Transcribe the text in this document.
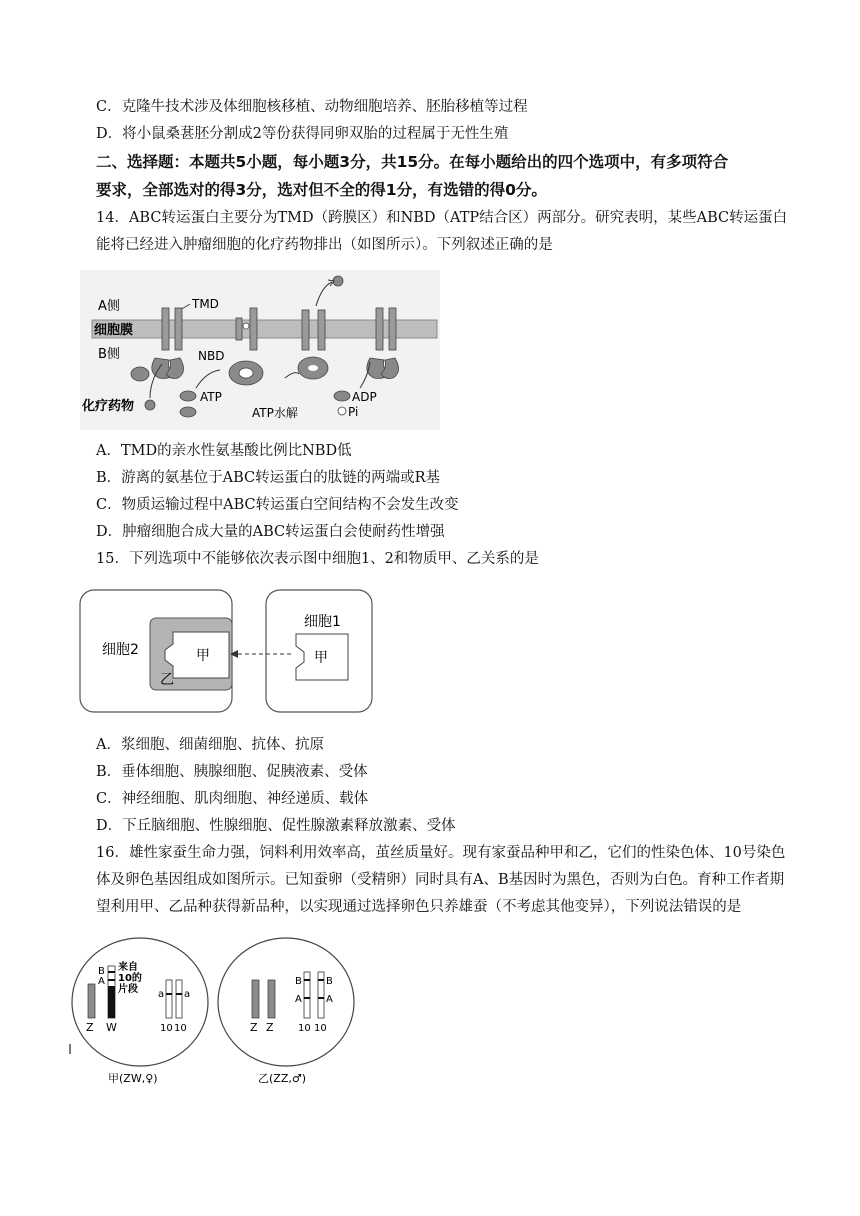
C．克隆牛技术涉及体细胞核移植、动物细胞培养、胚胎移植等过程
D．将小鼠桑葚胚分割成2等份获得同卵双胎的过程属于无性生殖
二、选择题：本题共5小题，每小题3分，共15分。在每小题给出的四个选项中，有多项符合
要求，全部选对的得3分，选对但不全的得1分，有选错的得0分。
14．ABC转运蛋白主要分为TMD（跨膜区）和NBD（ATP结合区）两部分。研究表明，某些ABC转运蛋白
能将已经进入肿瘤细胞的化疗药物排出（如图所示）。下列叙述正确的是
A侧
细胞膜
B侧
TMD
NBD
化疗药物
ATP
ATP水解
ADP
Pi
A．TMD的亲水性氨基酸比例比NBD低
B．游离的氨基位于ABC转运蛋白的肽链的两端或R基
C．物质运输过程中ABC转运蛋白空间结构不会发生改变
D．肿瘤细胞合成大量的ABC转运蛋白会使耐药性增强
15．下列选项中不能够依次表示图中细胞1、2和物质甲、乙关系的是
细胞2	甲
乙
细胞1
甲
A．浆细胞、细菌细胞、抗体、抗原
B．垂体细胞、胰腺细胞、促胰液素、受体
C．神经细胞、肌肉细胞、神经递质、载体
D．下丘脑细胞、性腺细胞、促性腺激素释放激素、受体
16．雄性家蚕生命力强，饲料利用效率高，茧丝质量好。现有家蚕品种甲和乙，它们的性染色体、10号染色
体及卵色基因组成如图所示。已知蚕卵（受精卵）同时具有A、B基因时为黑色，否则为白色。育种工作者期
望利用甲、乙品种获得新品种，以实现通过选择卵色只养雄蚕（不考虑其他变异），下列说法错误的是
Z
B
A
W
来自
10的
片段 a a
10 10	Z Z
B
A
B
A
10 10
甲(ZW,♀)	乙(ZZ,♂)
